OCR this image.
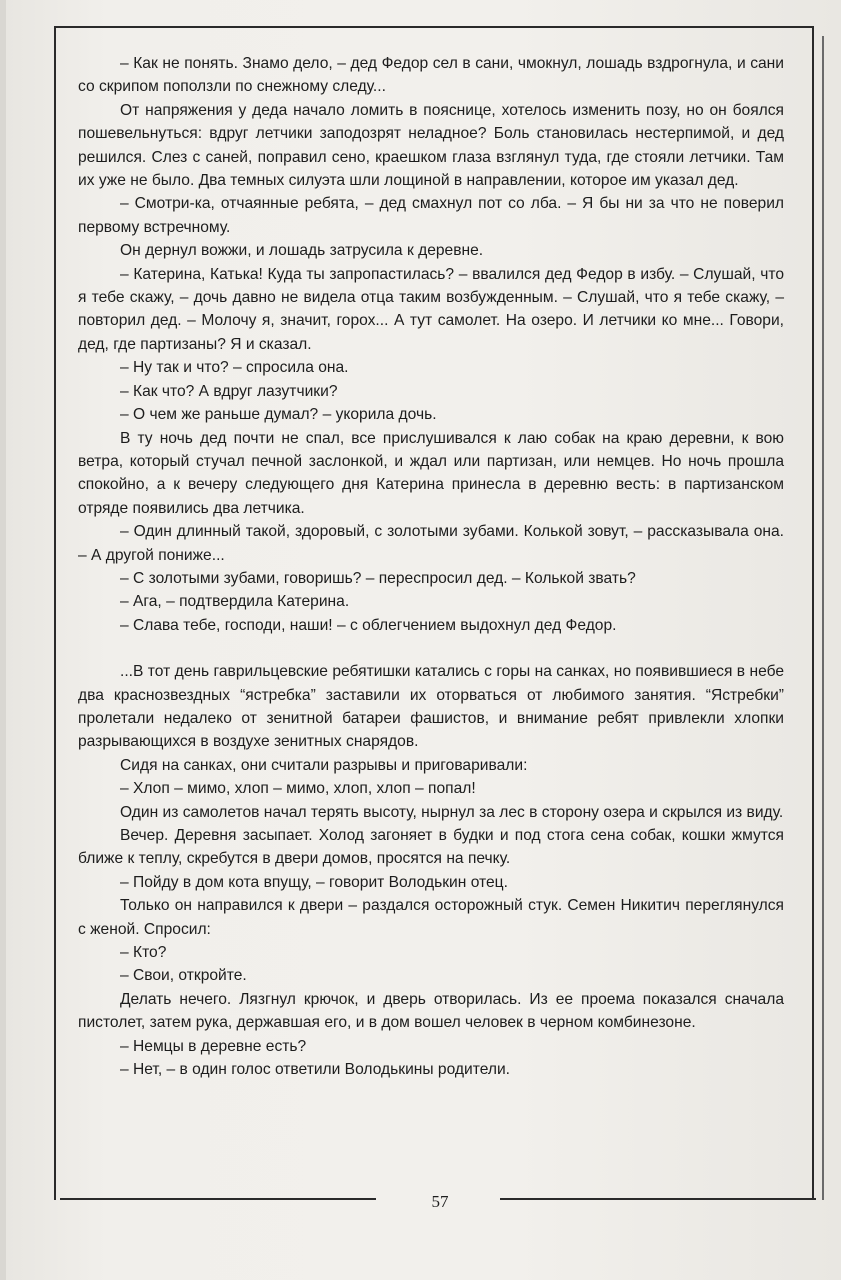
– Как не понять. Знамо дело, – дед Федор сел в сани, чмокнул, лошадь вздрогнула, и сани со скрипом поползли по снежному следу...

От напряжения у деда начало ломить в пояснице, хотелось изменить позу, но он боялся пошевельнуться: вдруг летчики заподозрят неладное? Боль становилась нестерпимой, и дед решился. Слез с саней, поправил сено, краешком глаза взглянул туда, где стояли летчики. Там их уже не было. Два темных силуэта шли лощиной в направлении, которое им указал дед.

– Смотри-ка, отчаянные ребята, – дед смахнул пот со лба. – Я бы ни за что не поверил первому встречному.

Он дернул вожжи, и лошадь затрусила к деревне.

– Катерина, Катька! Куда ты запропастилась? – ввалился дед Федор в избу. – Слушай, что я тебе скажу, – дочь давно не видела отца таким возбужденным. – Слушай, что я тебе скажу, – повторил дед. – Молочу я, значит, горох... А тут самолет. На озеро. И летчики ко мне... Говори, дед, где партизаны? Я и сказал.

– Ну так и что? – спросила она.

– Как что? А вдруг лазутчики?

– О чем же раньше думал? – укорила дочь.

В ту ночь дед почти не спал, все прислушивался к лаю собак на краю деревни, к вою ветра, который стучал печной заслонкой, и ждал или партизан, или немцев. Но ночь прошла спокойно, а к вечеру следующего дня Катерина принесла в деревню весть: в партизанском отряде появились два летчика.

– Один длинный такой, здоровый, с золотыми зубами. Колькой зовут, – рассказывала она. – А другой пониже...

– С золотыми зубами, говоришь? – переспросил дед. – Колькой звать?

– Ага, – подтвердила Катерина.

– Слава тебе, господи, наши! – с облегчением выдохнул дед Федор.

...В тот день гаврильцевские ребятишки катались с горы на санках, но появившиеся в небе два краснозвездных “ястребка” заставили их оторваться от любимого занятия. “Ястребки” пролетали недалеко от зенитной батареи фашистов, и внимание ребят привлекли хлопки разрывающихся в воздухе зенитных снарядов.

Сидя на санках, они считали разрывы и приговаривали:

– Хлоп – мимо, хлоп – мимо, хлоп, хлоп – попал!

Один из самолетов начал терять высоту, нырнул за лес в сторону озера и скрылся из виду.

Вечер. Деревня засыпает. Холод загоняет в будки и под стога сена собак, кошки жмутся ближе к теплу, скребутся в двери домов, просятся на печку.

– Пойду в дом кота впущу, – говорит Володькин отец.

Только он направился к двери – раздался осторожный стук. Семен Никитич переглянулся с женой. Спросил:

– Кто?

– Свои, откройте.

Делать нечего. Лязгнул крючок, и дверь отворилась. Из ее проема показался сначала пистолет, затем рука, державшая его, и в дом вошел человек в черном комбинезоне.

– Немцы в деревне есть?

– Нет, – в один голос ответили Володькины родители.

57
